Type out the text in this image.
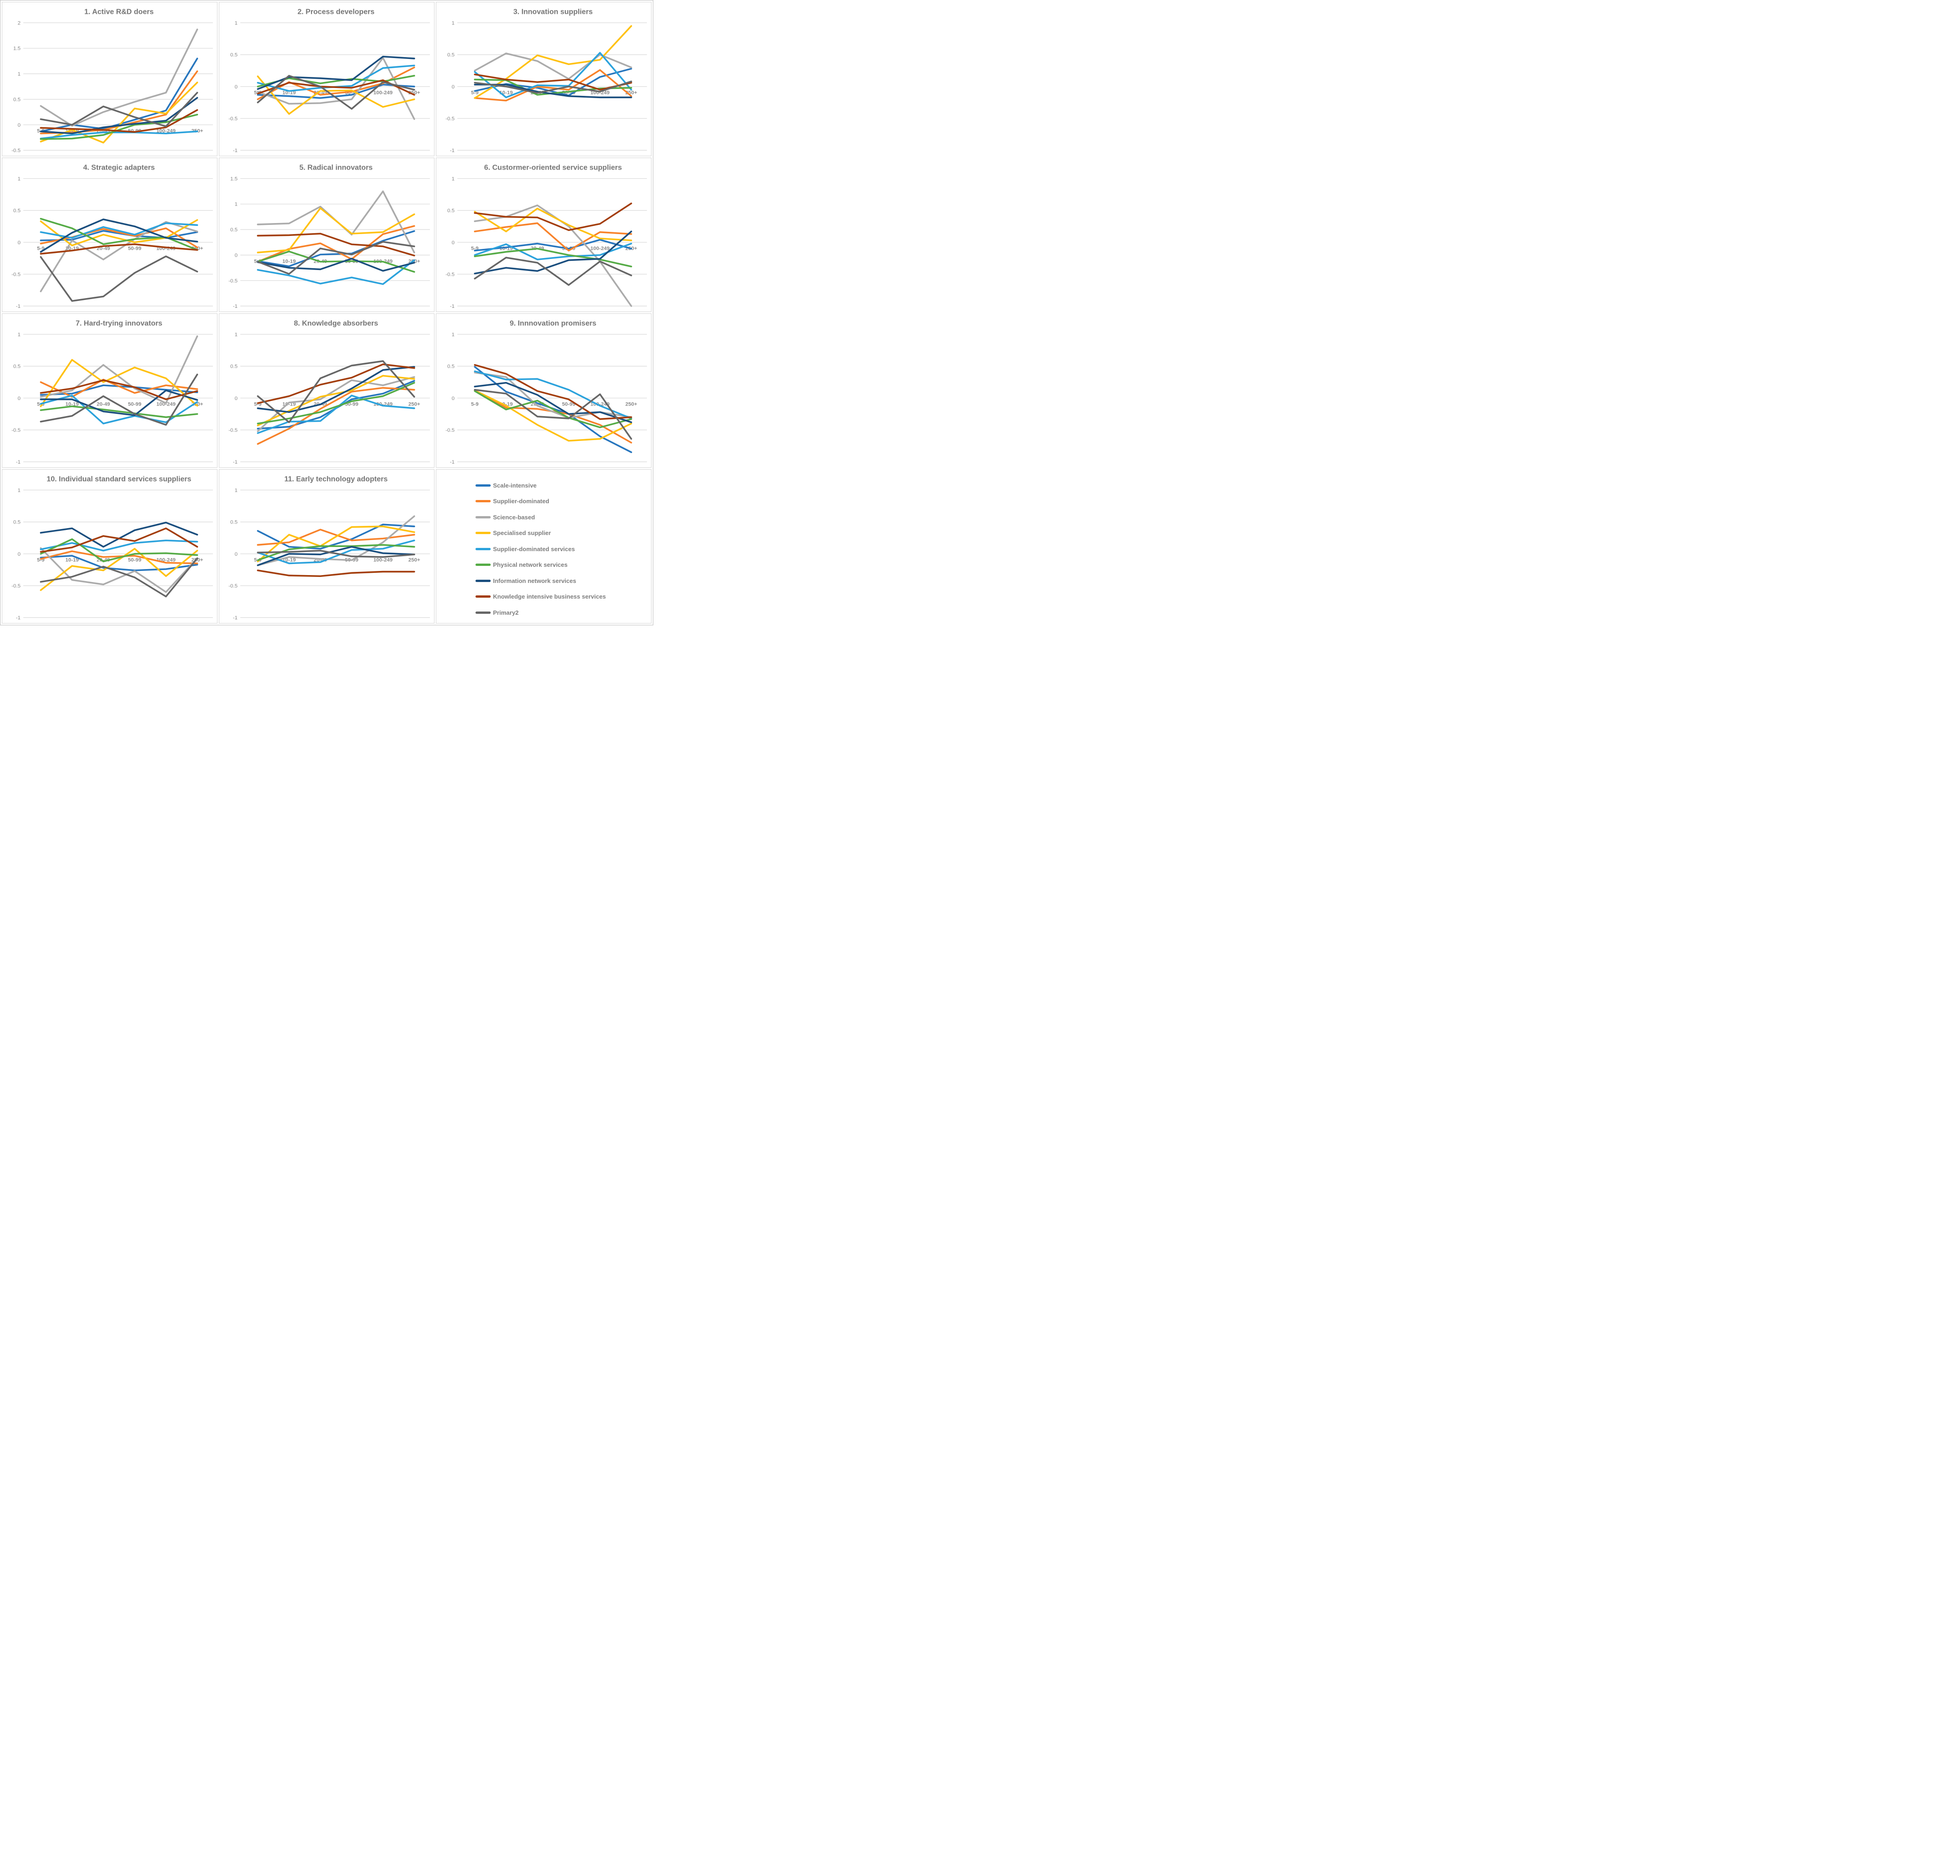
2
1.5
1
0.5
0
-0.5
1. Active R&D doers
5-9	10-19	20-49	50-99	100-249	250+
1
0.5
0
-0.5
-1
2. Process developers
5-9	10-19	20-49	50-99	100-249	250+
1
0.5
0
-0.5
-1
3. Innovation suppliers
5-9	10-19	20-49	50-99	100-249	250+
1
0.5
0
-0.5
-1
4. Strategic adapters
5-9	10-19	20-49	50-99	100-249	250+
1.5
1
0.5
0
-0.5
-1
5. Radical innovators
5-9	10-19	20-49	50-99	100-249	250+
1
0.5
0
-0.5
-1
6. Custormer-oriented service suppliers
5-9	10-19	20-49	50-99	100-249	250+
1
0.5
0
-0.5
-1
7. Hard-trying innovators
5-9	10-19	20-49	50-99	100-249	250+
1
0.5
0
-0.5
-1
8. Knowledge absorbers
5-9	10-19	20-49	50-99	100-249	250+
1
0.5
0
-0.5
-1
9. Innnovation promisers
5-9	10-19	20-49	50-99	100-249	250+
1
0.5
0
-0.5
-1
10. Individual standard services suppliers
5-9	10-19	20-49	50-99	100-249	250+
1
0.5
0
-0.5
-1
11. Early technology adopters
5-9	10-19	20-49	50-99	100-249	250+
Scale-intensive
Supplier-dominated
Science-based
Specialised supplier
Supplier-dominated services
Physical network services
Information network services
Knowledge intensive business services
Primary2
